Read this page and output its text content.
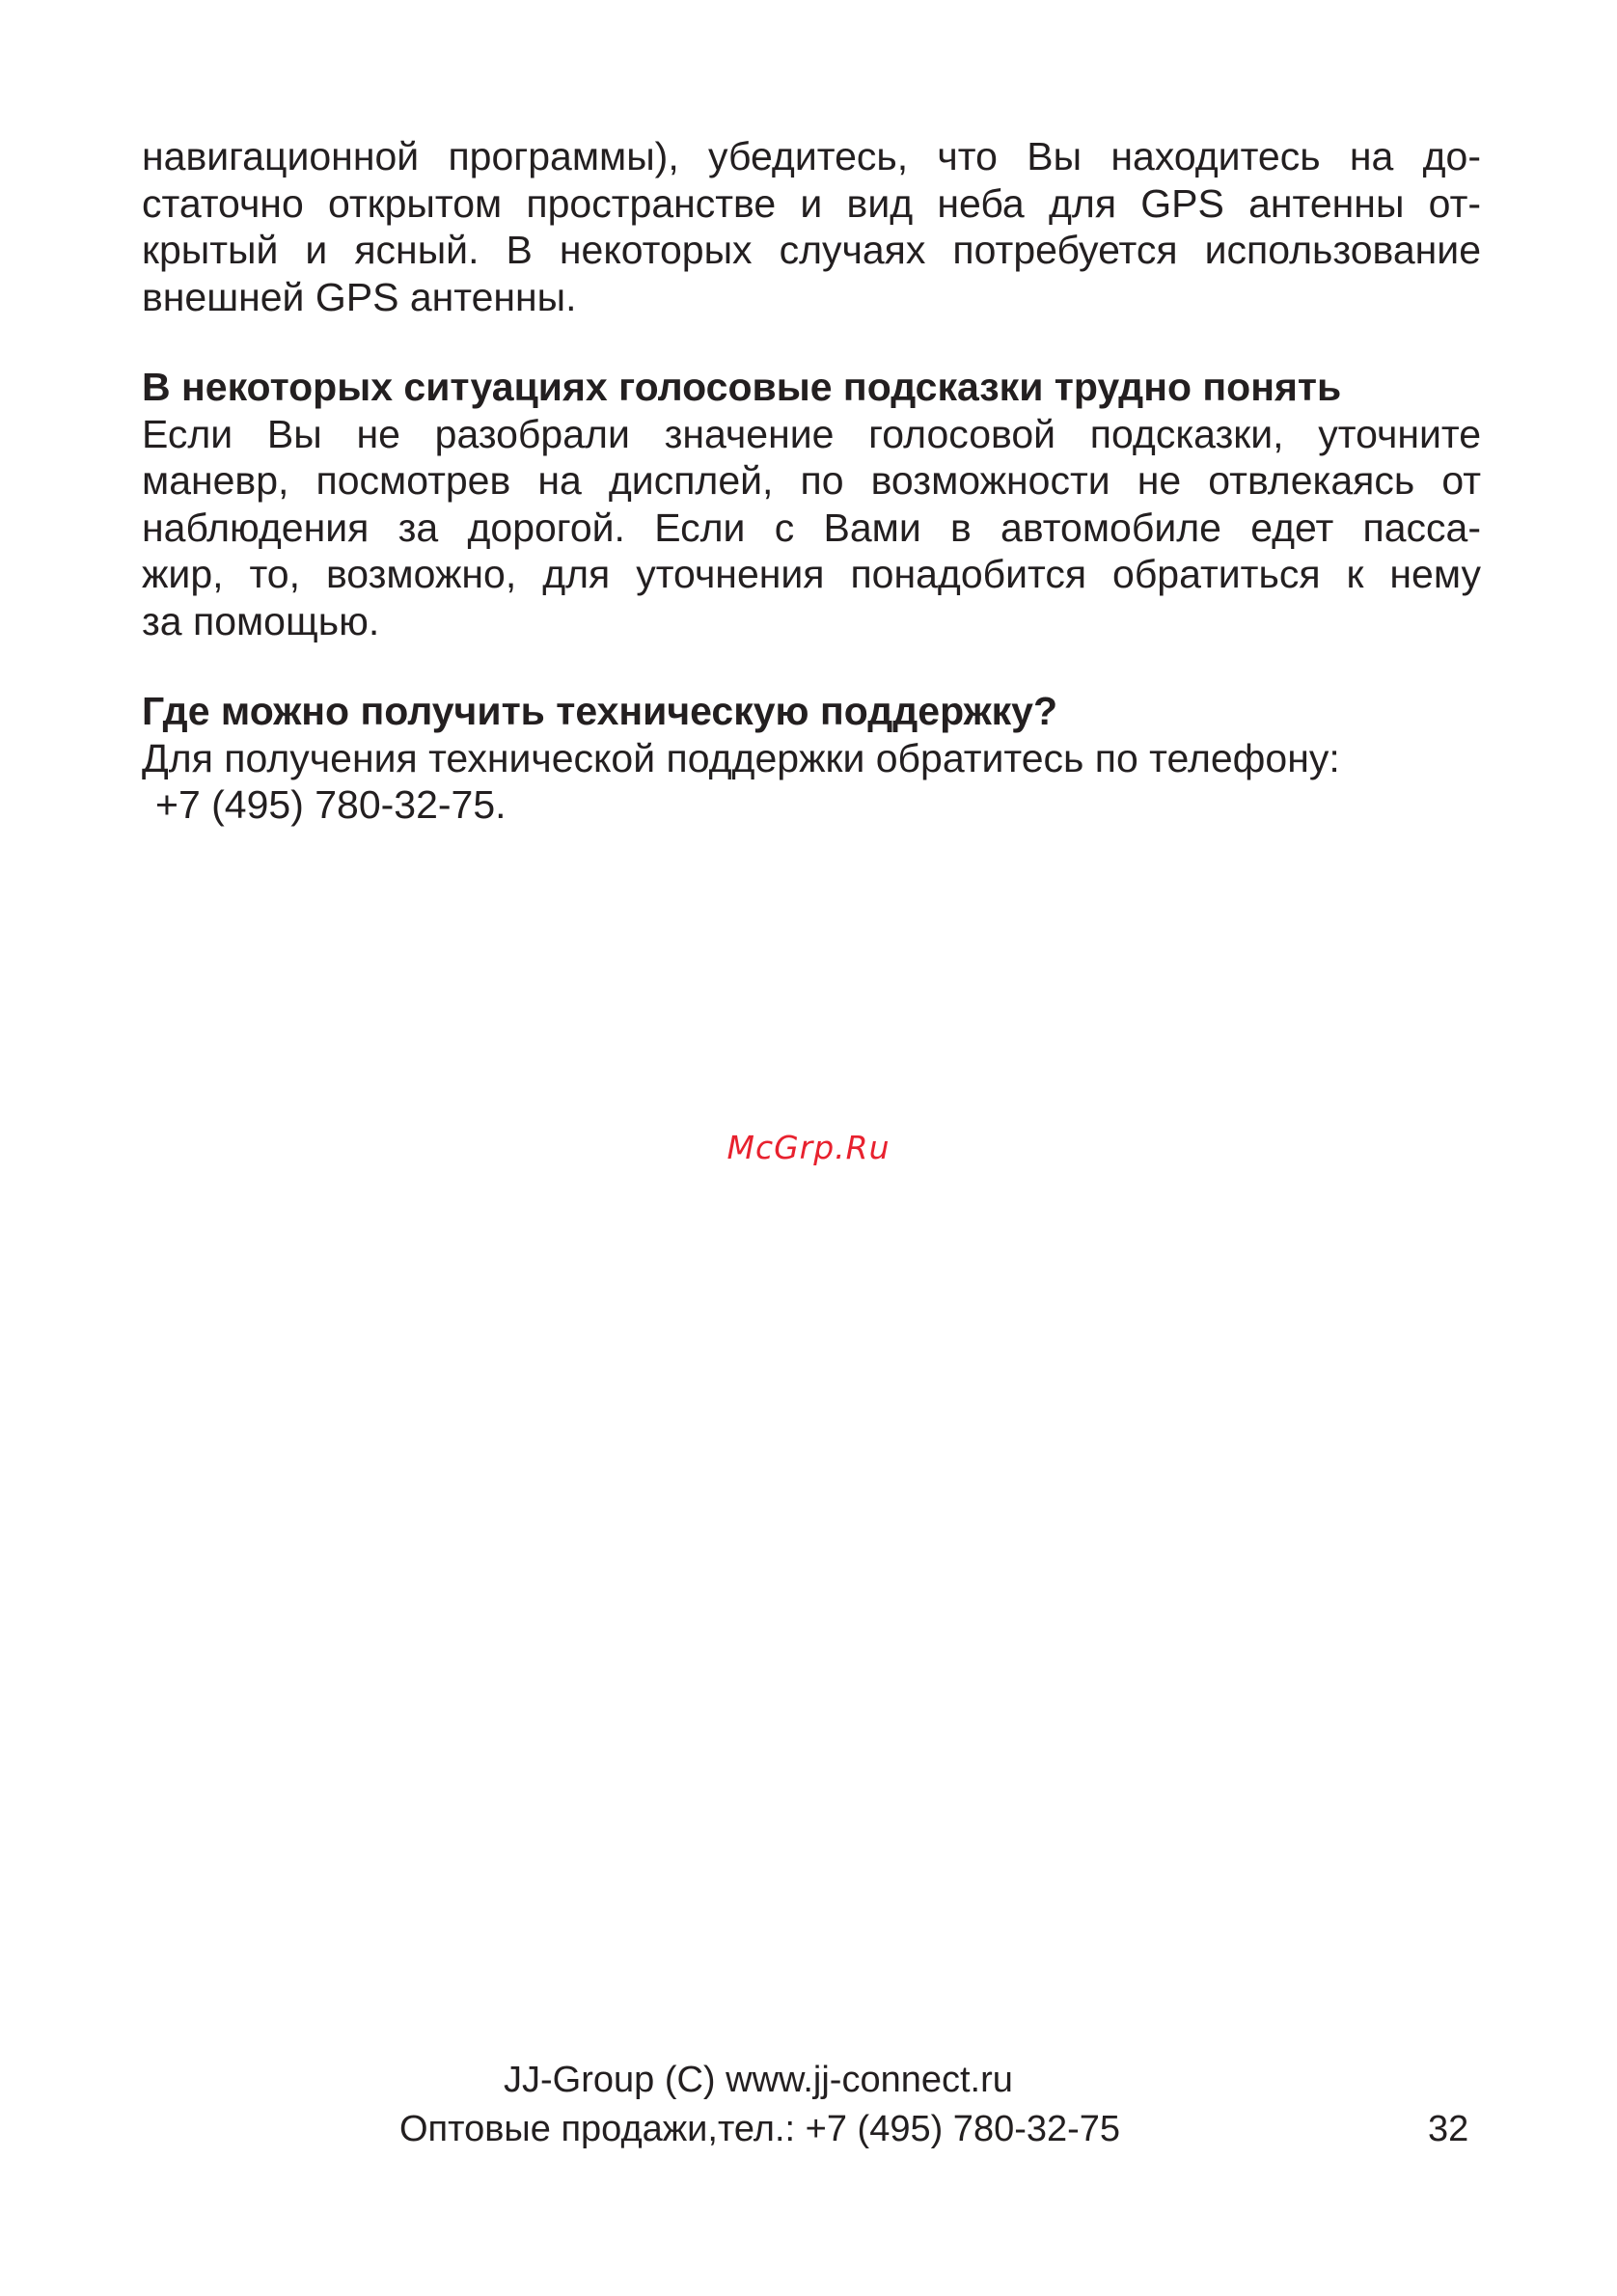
навигационной программы), убедитесь, что Вы находитесь на до-
статочно открытом пространстве и вид неба для GPS антенны от-
крытый и ясный. В некоторых случаях потребуется использование
внешней GPS антенны.

В некоторых ситуациях голосовые подсказки трудно понять

Если Вы не разобрали значение голосовой подсказки, уточните
маневр, посмотрев на дисплей, по возможности не отвлекаясь от
наблюдения за дорогой. Если с Вами в автомобиле едет пасса-
жир, то, возможно, для уточнения понадобится обратиться к нему
за помощью.

Где можно получить техническую поддержку?

Для получения технической поддержки обратитесь по телефону:
+7 (495) 780-32-75.

McGrp.Ru
JJ-Group (C) www.jj-connect.ru
Оптовые продажи,тел.: +7 (495) 780-32-75	32
